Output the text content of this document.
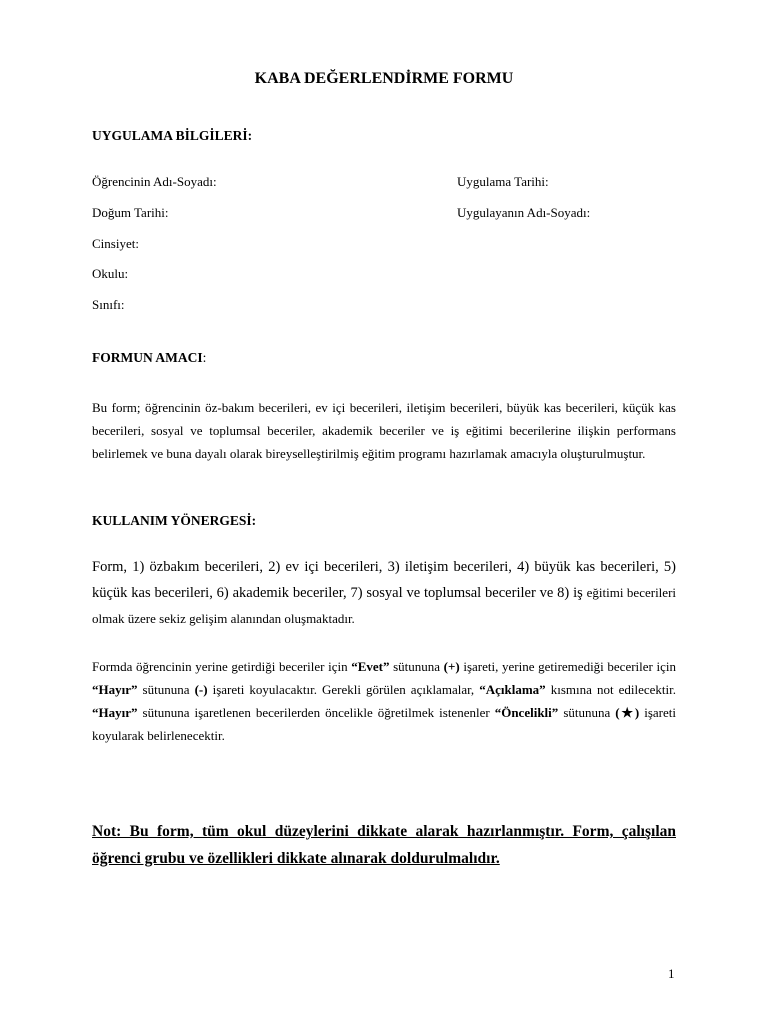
KABA DEĞERLENDİRME FORMU
UYGULAMA BİLGİLERİ:
Öğrencinin Adı-Soyadı:
Doğum Tarihi:
Cinsiyet:
Okulu:
Sınıfı:
Uygulama Tarihi:
Uygulayanın Adı-Soyadı:
FORMUN AMACI:
Bu form; öğrencinin öz-bakım becerileri, ev içi becerileri, iletişim becerileri, büyük kas becerileri, küçük kas becerileri, sosyal ve toplumsal beceriler, akademik beceriler ve iş eğitimi becerilerine ilişkin performans belirlemek ve buna dayalı olarak bireyselleştirilmiş eğitim programı hazırlamak amacıyla oluşturulmuştur.
KULLANIM YÖNERGESİ:
Form, 1) özbakım becerileri, 2) ev içi becerileri, 3) iletişim becerileri, 4) büyük kas becerileri, 5) küçük kas becerileri, 6) akademik beceriler, 7) sosyal ve toplumsal beceriler ve 8) iş eğitimi becerileri olmak üzere sekiz gelişim alanından oluşmaktadır.
Formda öğrencinin yerine getirdiği beceriler için “Evet” sütununa (+) işareti, yerine getiremediği beceriler için “Hayır” sütununa (-) işareti koyulacaktır. Gerekli görülen açıklamalar, “Açıklama” kısmına not edilecektir. “Hayır” sütununa işaretlenen becerilerden öncelikle öğretilmek istenenler “Öncelikli” sütununa (★) işareti koyularak belirlenecektir.
Not: Bu form, tüm okul düzeylerini dikkate alarak hazırlanmıştır. Form, çalışılan öğrenci grubu ve özellikleri dikkate alınarak doldurulmalıdır.
1
